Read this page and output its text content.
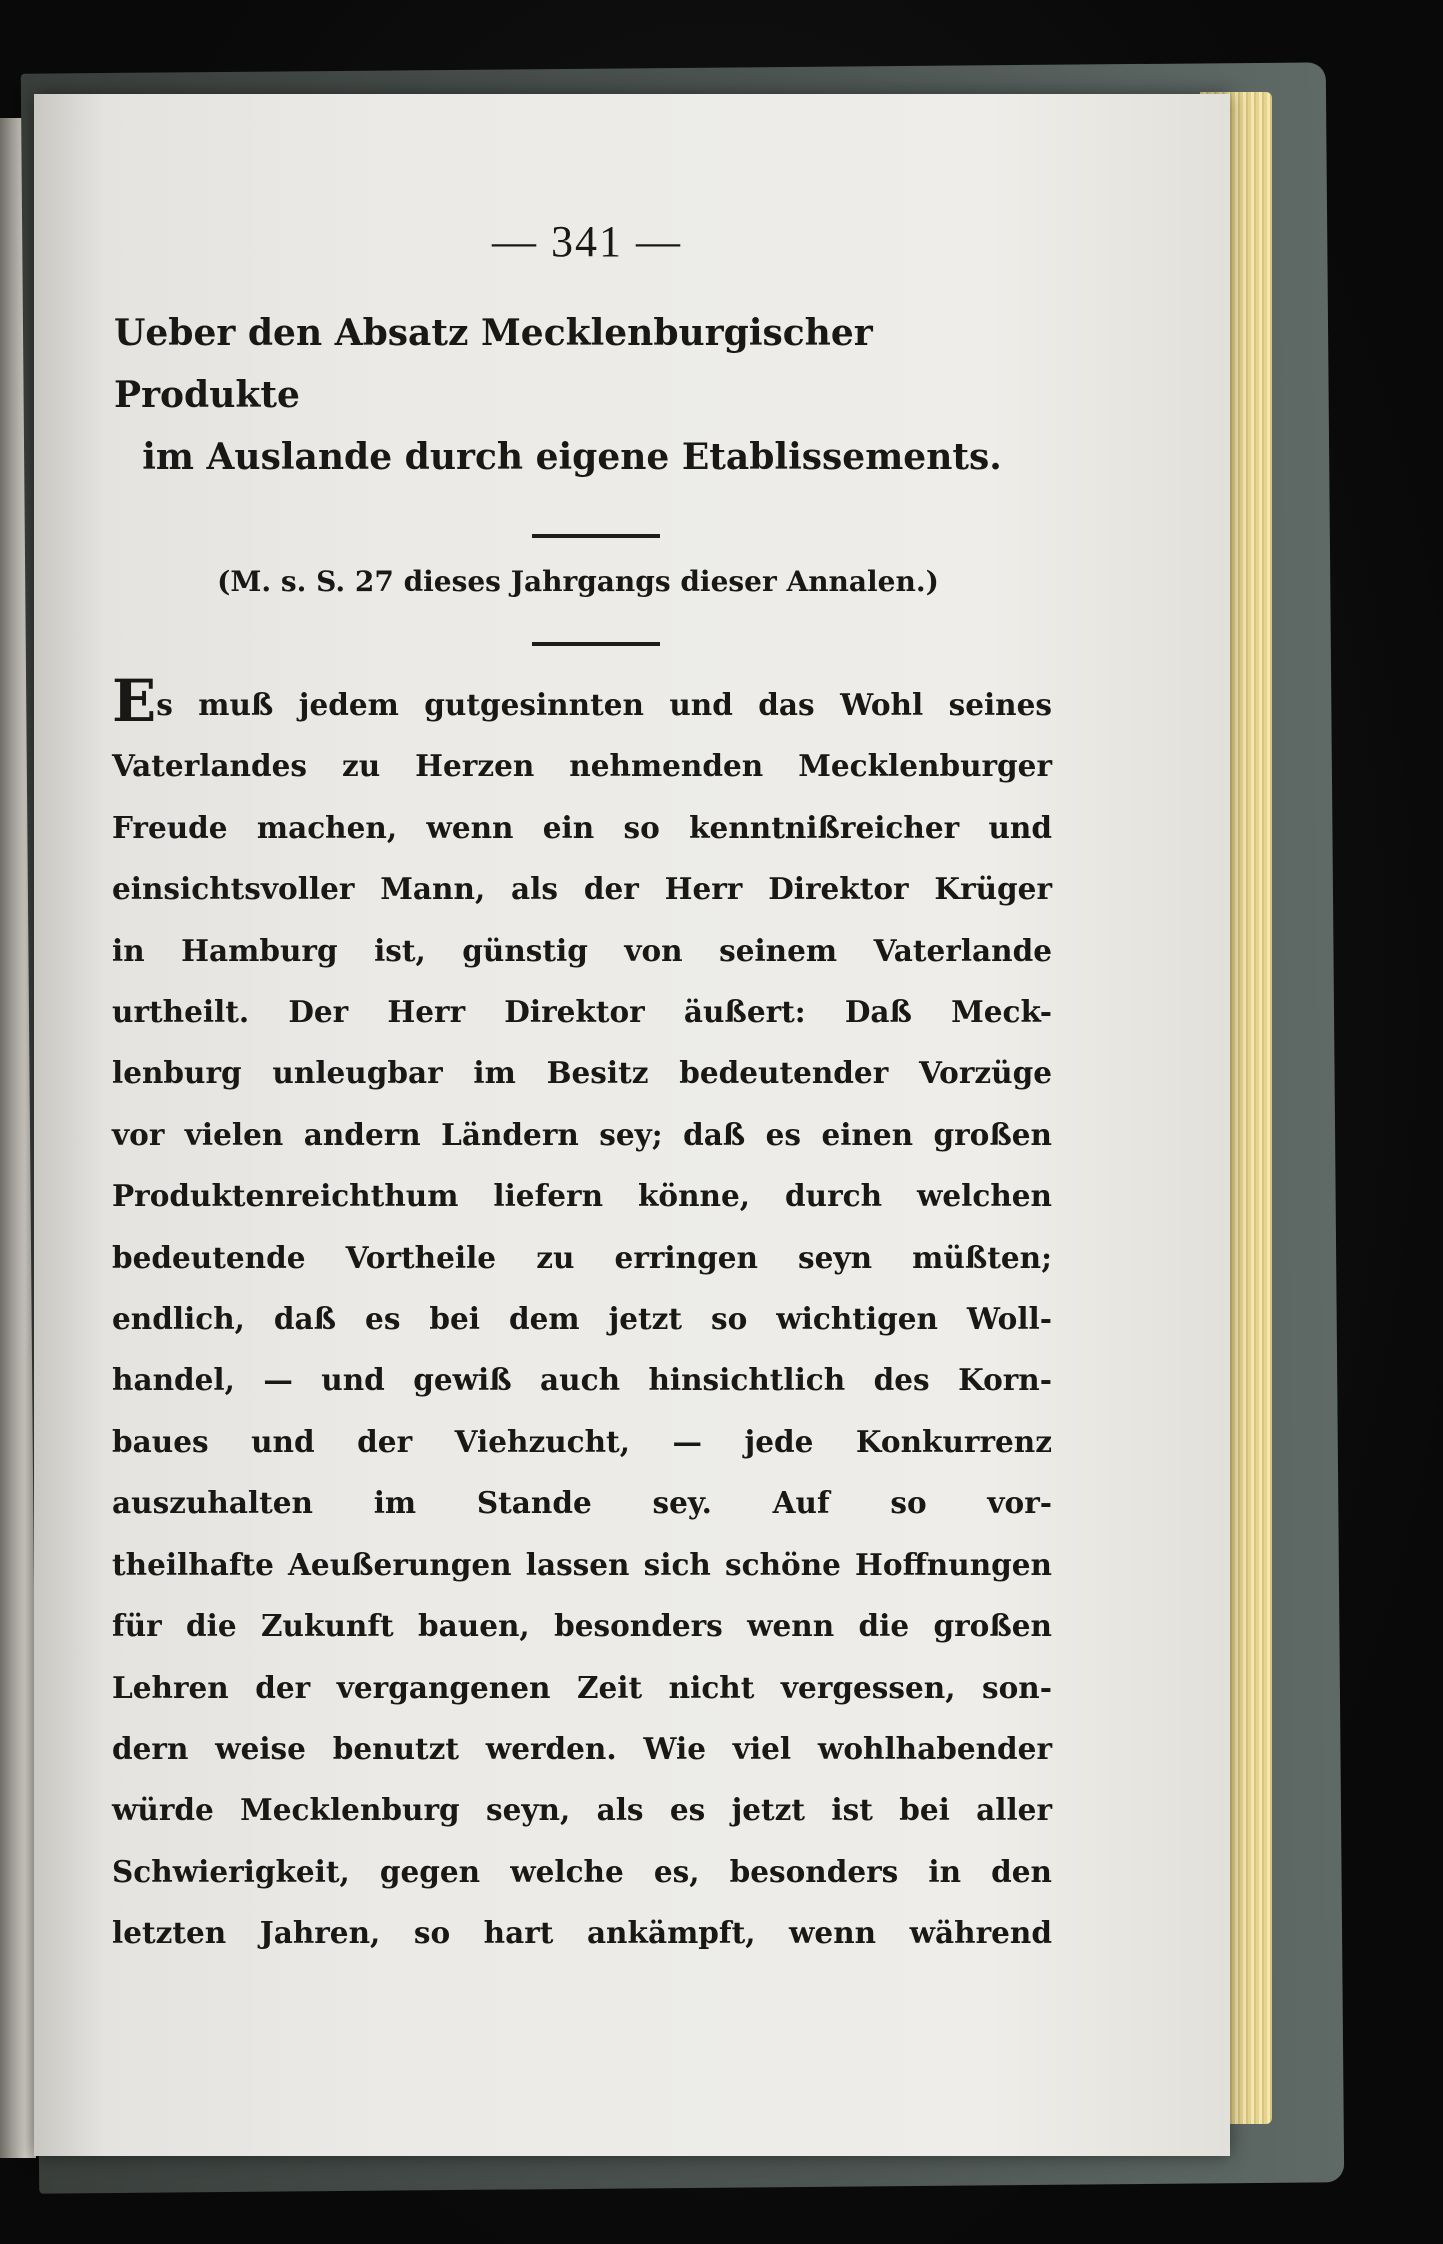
— 341 —
Ueber den Absatz Mecklenburgischer Produkte
im Auslande durch eigene Etablissements.
(M. s. S. 27 dieses Jahrgangs dieser Annalen.)
Es muß jedem gutgesinnten und das Wohl seines
Vaterlandes zu Herzen nehmenden Mecklenburger
Freude machen, wenn ein so kenntnißreicher und
einsichtsvoller Mann, als der Herr Direktor Krüger
in Hamburg ist, günstig von seinem Vaterlande
urtheilt. Der Herr Direktor äußert: Daß Meck-
lenburg unleugbar im Besitz bedeutender Vorzüge
vor vielen andern Ländern sey; daß es einen großen
Produktenreichthum liefern könne, durch welchen
bedeutende Vortheile zu erringen seyn müßten;
endlich, daß es bei dem jetzt so wichtigen Woll-
handel, — und gewiß auch hinsichtlich des Korn-
baues und der Viehzucht, — jede Konkurrenz
auszuhalten im Stande sey. Auf so vor-
theilhafte Aeußerungen lassen sich schöne Hoffnungen
für die Zukunft bauen, besonders wenn die großen
Lehren der vergangenen Zeit nicht vergessen, son-
dern weise benutzt werden. Wie viel wohlhabender
würde Mecklenburg seyn, als es jetzt ist bei aller
Schwierigkeit, gegen welche es, besonders in den
letzten Jahren, so hart ankämpft, wenn während
